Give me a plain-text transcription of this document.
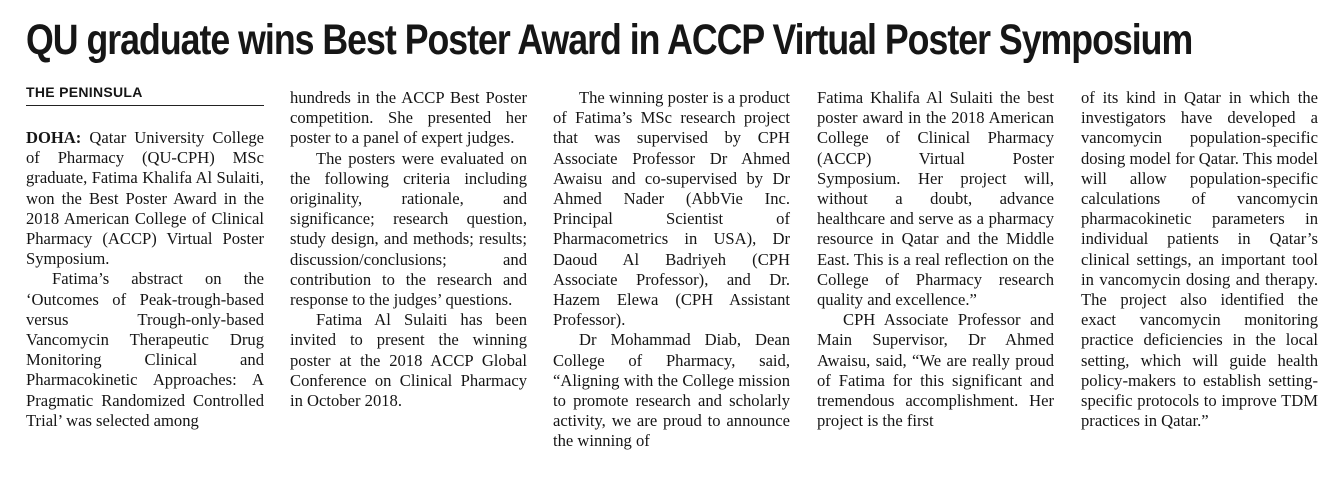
QU graduate wins Best Poster Award in ACCP Virtual Poster Symposium
THE PENINSULA

DOHA: Qatar University College of Pharmacy (QU-CPH) MSc graduate, Fatima Khalifa Al Sulaiti, won the Best Poster Award in the 2018 American College of Clinical Pharmacy (ACCP) Virtual Poster Symposium.

Fatima’s abstract on the ‘Outcomes of Peak-trough-based versus Trough-only-based Vancomycin Therapeutic Drug Monitoring Clinical and Pharmacokinetic Approaches: A Pragmatic Randomized Controlled Trial’ was selected among

hundreds in the ACCP Best Poster competition. She presented her poster to a panel of expert judges.

The posters were evaluated on the following criteria including originality, rationale, and significance; research question, study design, and methods; results; discussion/conclusions; and contribution to the research and response to the judges’ questions.

Fatima Al Sulaiti has been invited to present the winning poster at the 2018 ACCP Global Conference on Clinical Pharmacy in October 2018.

The winning poster is a product of Fatima’s MSc research project that was supervised by CPH Associate Professor Dr Ahmed Awaisu and co-supervised by Dr Ahmed Nader (AbbVie Inc. Principal Scientist of Pharmacometrics in USA), Dr Daoud Al Badriyeh (CPH Associate Professor), and Dr. Hazem Elewa (CPH Assistant Professor).

Dr Mohammad Diab, Dean College of Pharmacy, said, “Aligning with the College mission to promote research and scholarly activity, we are proud to announce the winning of

Fatima Khalifa Al Sulaiti the best poster award in the 2018 American College of Clinical Pharmacy (ACCP) Virtual Poster Symposium. Her project will, without a doubt, advance healthcare and serve as a pharmacy resource in Qatar and the Middle East. This is a real reflection on the College of Pharmacy research quality and excellence.”

CPH Associate Professor and Main Supervisor, Dr Ahmed Awaisu, said, “We are really proud of Fatima for this significant and tremendous accomplishment. Her project is the first

of its kind in Qatar in which the investigators have developed a vancomycin population-specific dosing model for Qatar. This model will allow population-specific calculations of vancomycin pharmacokinetic parameters in individual patients in Qatar’s clinical settings, an important tool in vancomycin dosing and therapy. The project also identified the exact vancomycin monitoring practice deficiencies in the local setting, which will guide health policy-makers to establish setting-specific protocols to improve TDM practices in Qatar.”
